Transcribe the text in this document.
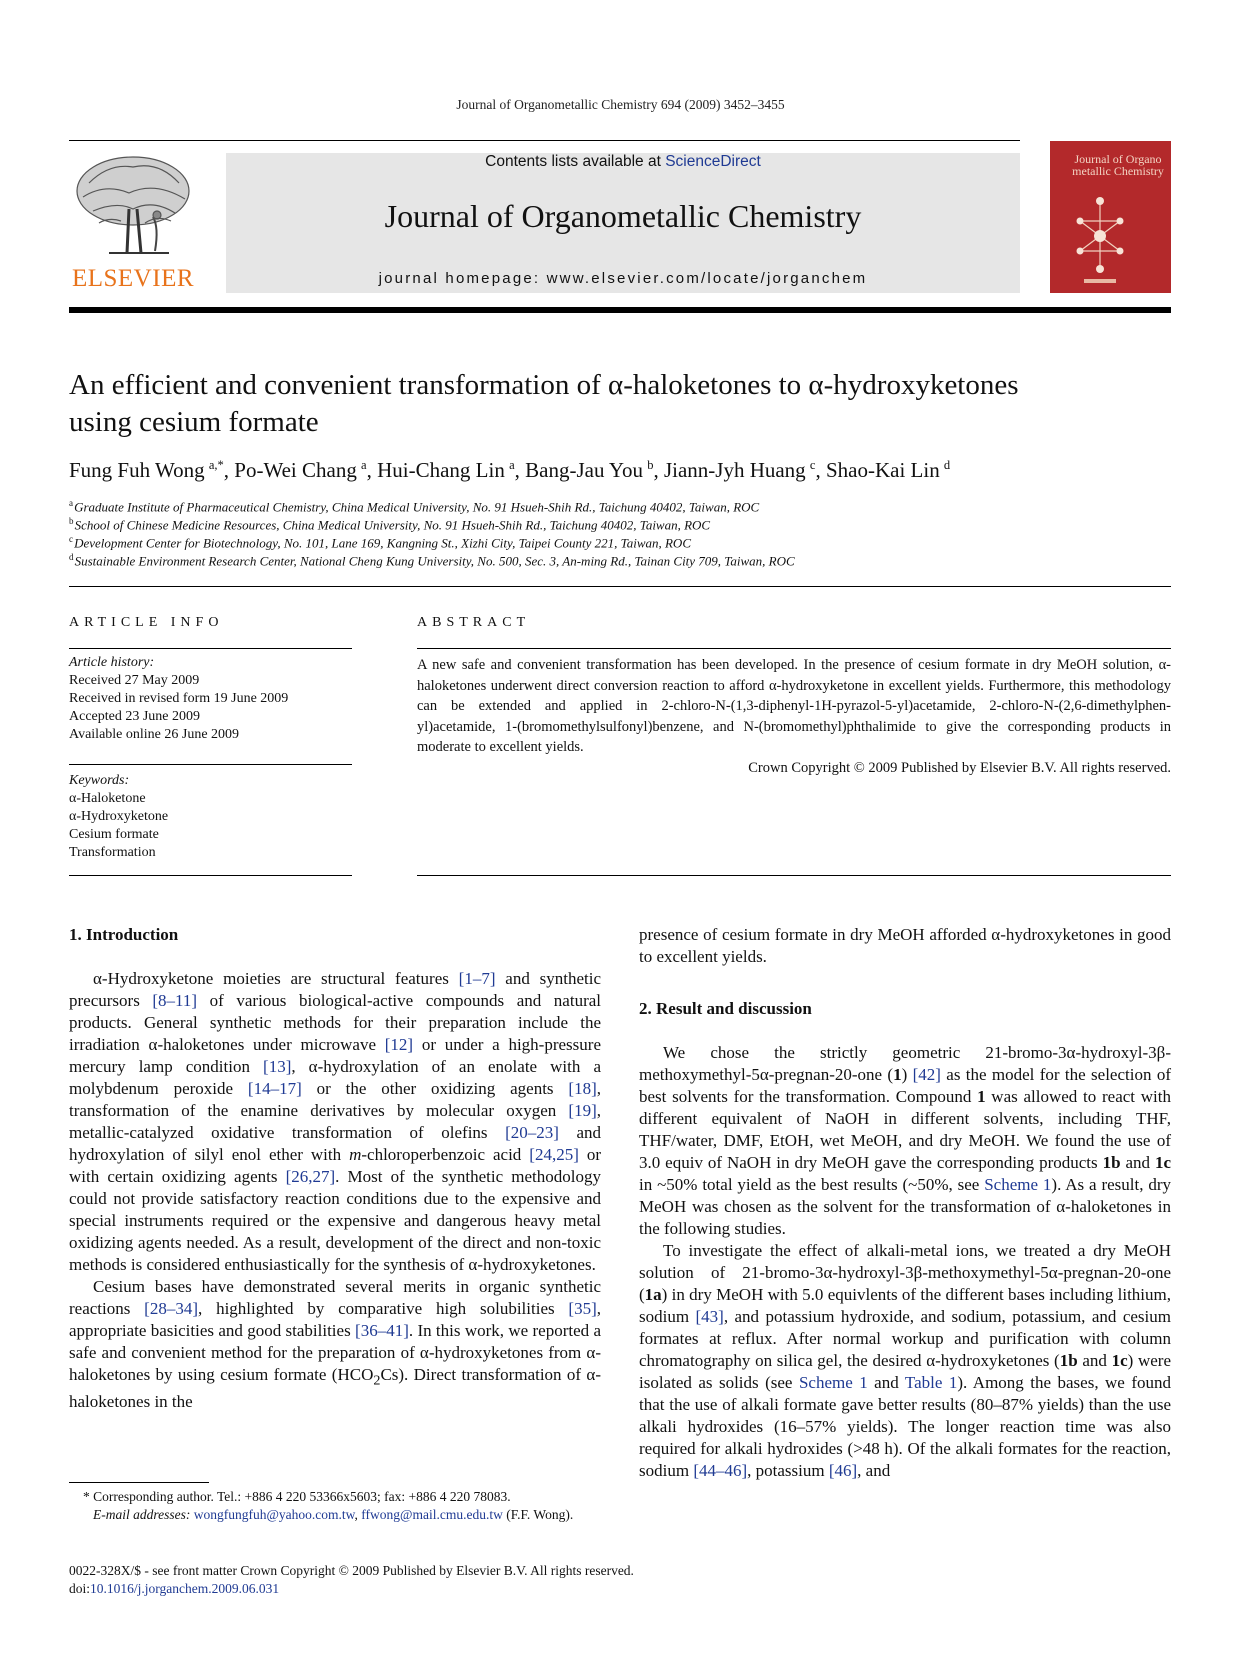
Journal of Organometallic Chemistry 694 (2009) 3452–3455
ELSEVIER
Contents lists available at ScienceDirect
Journal of Organometallic Chemistry
journal homepage: www.elsevier.com/locate/jorganchem
Journal of Organo metallic Chemistry
An efficient and convenient transformation of α-haloketones to α-hydroxyketones
using cesium formate
Fung Fuh Wong  $^{a,*}$, Po-Wei Chang  $^a$, Hui-Chang Lin  $^a$, Bang-Jau You  $^b$, Jiann-Jyh Huang  $^c$, Shao-Kai Lin  $^d$
$^a$ Graduate Institute of Pharmaceutical Chemistry, China Medical University, No. 91 Hsueh-Shih Rd., Taichung 40402, Taiwan, ROC
$^b$ School of Chinese Medicine Resources, China Medical University, No. 91 Hsueh-Shih Rd., Taichung 40402, Taiwan, ROC
$^c$ Development Center for Biotechnology, No. 101, Lane 169, Kangning St., Xizhi City, Taipei County 221, Taiwan, ROC
$^d$ Sustainable Environment Research Center, National Cheng Kung University, No. 500, Sec. 3, An-ming Rd., Tainan City 709, Taiwan, ROC
ARTICLE INFO
Article history:
Received 27 May 2009
Received in revised form 19 June 2009
Accepted 23 June 2009
Available online 26 June 2009
Keywords:
α-Haloketone
α-Hydroxyketone
Cesium formate
Transformation
ABSTRACT
A new safe and convenient transformation has been developed. In the presence of cesium formate in dry MeOH solution, α-haloketones underwent direct conversion reaction to afford α-hydroxyketone in excellent yields. Furthermore, this methodology can be extended and applied in 2-chloro-N-(1,3-diphenyl-1H-pyrazol-5-yl)acetamide, 2-chloro-N-(2,6-dimethylphen-yl)acetamide, 1-(bromomethylsulfonyl)benzene, and N-(bromomethyl)phthalimide to give the corresponding products in moderate to excellent yields.
Crown Copyright © 2009 Published by Elsevier B.V. All rights reserved.
1. Introduction

α-Hydroxyketone moieties are structural features [1–7] and synthetic precursors [8–11] of various biological-active compounds and natural products. General synthetic methods for their preparation include the irradiation α-haloketones under microwave [12] or under a high-pressure mercury lamp condition [13], α-hydroxylation of an enolate with a molybdenum peroxide [14–17] or the other oxidizing agents [18], transformation of the enamine derivatives by molecular oxygen [19], metallic-catalyzed oxidative transformation of olefins [20–23] and hydroxylation of silyl enol ether with m-chloroperbenzoic acid [24,25] or with certain oxidizing agents [26,27]. Most of the synthetic methodology could not provide satisfactory reaction conditions due to the expensive and special instruments required or the expensive and dangerous heavy metal oxidizing agents needed. As a result, development of the direct and non-toxic methods is considered enthusiastically for the synthesis of α-hydroxyketones.

Cesium bases have demonstrated several merits in organic synthetic reactions [28–34], highlighted by comparative high solubilities [35], appropriate basicities and good stabilities [36–41]. In this work, we reported a safe and convenient method for the preparation of α-hydroxyketones from α-haloketones by using cesium formate $(HCO_2Cs)$. Direct transformation of α-haloketones in the

presence of cesium formate in dry MeOH afforded α-hydroxyketones in good to excellent yields.

2. Result and discussion

We chose the strictly geometric 21-bromo-3α-hydroxyl-3β-methoxymethyl-5α-pregnan-20-one (1) [42] as the model for the selection of best solvents for the transformation. Compound 1 was allowed to react with different equivalent of NaOH in different solvents, including THF, THF/water, DMF, EtOH, wet MeOH, and dry MeOH. We found the use of 3.0 equiv of NaOH in dry MeOH gave the corresponding products 1b and 1c in ~50% total yield as the best results (~50%, see Scheme 1). As a result, dry MeOH was chosen as the solvent for the transformation of α-haloketones in the following studies.

To investigate the effect of alkali-metal ions, we treated a dry MeOH solution of 21-bromo-3α-hydroxyl-3β-methoxymethyl-5α-pregnan-20-one (1a) in dry MeOH with 5.0 equivlents of the different bases including lithium, sodium [43], and potassium hydroxide, and sodium, potassium, and cesium formates at reflux. After normal workup and purification with column chromatography on silica gel, the desired α-hydroxyketones (1b and 1c) were isolated as solids (see Scheme 1 and Table 1). Among the bases, we found that the use of alkali formate gave better results (80–87% yields) than the use alkali hydroxides (16–57% yields). The longer reaction time was also required for alkali hydroxides (>48 h). Of the alkali formates for the reaction, sodium [44–46], potassium [46], and

* Corresponding author. Tel.: +886 4 220 53366x5603; fax: +886 4 220 78083.
E-mail addresses: wongfungfuh@yahoo.com.tw, ffwong@mail.cmu.edu.tw (F.F. Wong).
0022-328X/$ - see front matter Crown Copyright © 2009 Published by Elsevier B.V. All rights reserved.
doi:10.1016/j.jorganchem.2009.06.031
